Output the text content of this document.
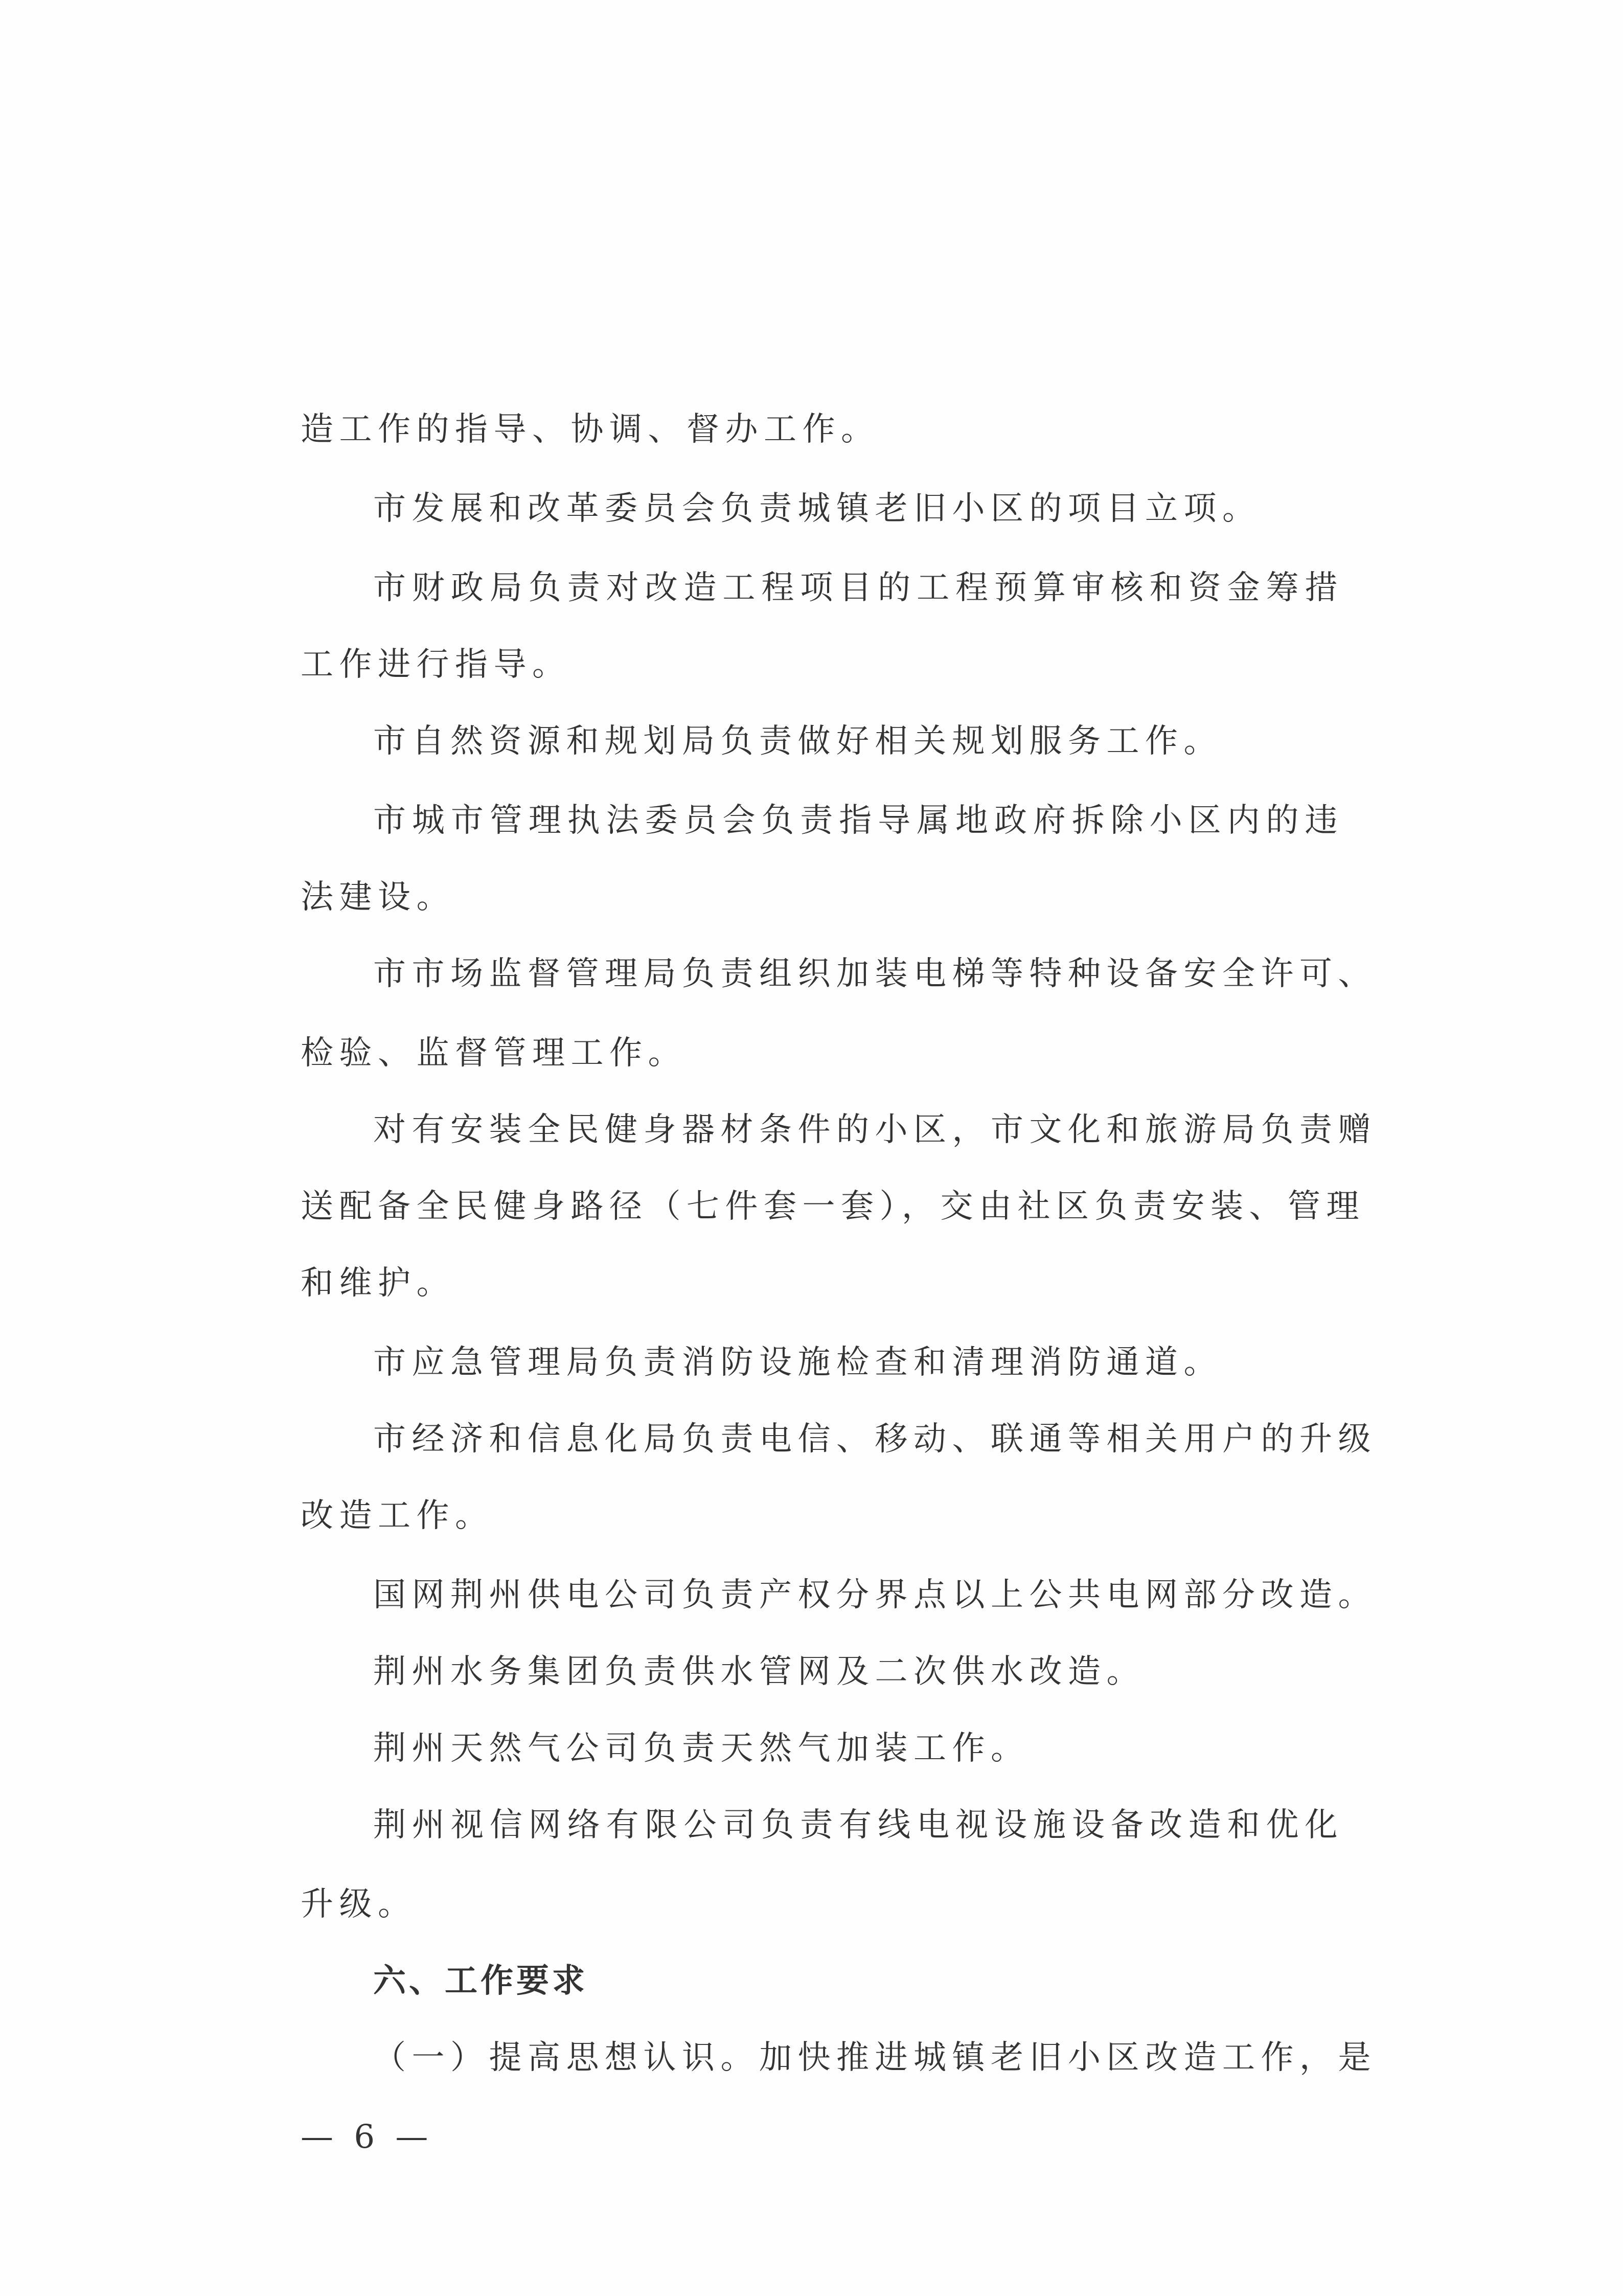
造工作的指导、协调、督办工作。
市发展和改革委员会负责城镇老旧小区的项目立项。
市财政局负责对改造工程项目的工程预算审核和资金筹措
工作进行指导。
市自然资源和规划局负责做好相关规划服务工作。
市城市管理执法委员会负责指导属地政府拆除小区内的违
法建设。
市市场监督管理局负责组织加装电梯等特种设备安全许可、
检验、监督管理工作。
对有安装全民健身器材条件的小区，市文化和旅游局负责赠
送配备全民健身路径（七件套一套），交由社区负责安装、管理
和维护。
市应急管理局负责消防设施检查和清理消防通道。
市经济和信息化局负责电信、移动、联通等相关用户的升级
改造工作。
国网荆州供电公司负责产权分界点以上公共电网部分改造。
荆州水务集团负责供水管网及二次供水改造。
荆州天然气公司负责天然气加装工作。
荆州视信网络有限公司负责有线电视设施设备改造和优化
升级。
六、工作要求
（一）提高思想认识。加快推进城镇老旧小区改造工作，是
— 6 —
